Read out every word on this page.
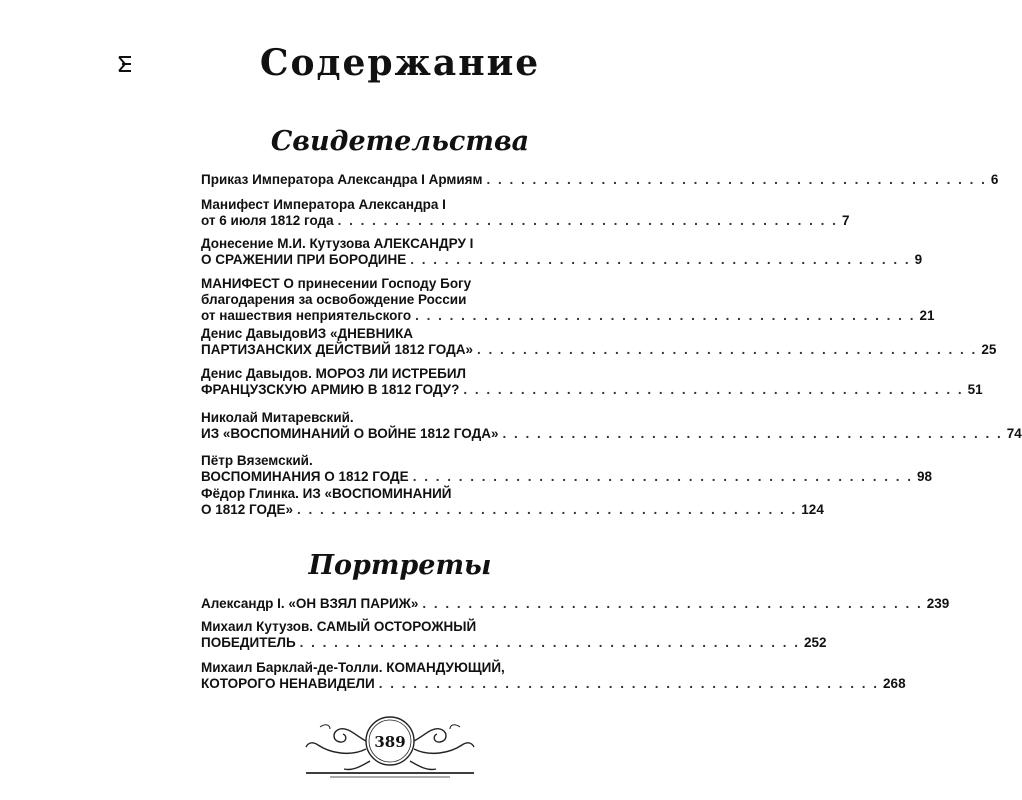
Содержание
Свидетельства
Приказ Императора Александра I Армиям . . . . . . . . . . . . . . . . . . . . . . . . . . . . . . . . . . . . . . . . . . . . 6
Манифест Императора Александра I
от 6 июля 1812 года . . . . . . . . . . . . . . . . . . . . . . . . . . . . . . . . . . . . . . . . . . . . 7
Донесение М.И. Кутузова АЛЕКСАНДРУ I
О СРАЖЕНИИ ПРИ БОРОДИНЕ . . . . . . . . . . . . . . . . . . . . . . . . . . . . . . . . . . . . . . . . . . . . 9
МАНИФЕСТ О принесении Господу Богу
благодарения за освобождение России
от нашествия неприятельского . . . . . . . . . . . . . . . . . . . . . . . . . . . . . . . . . . . . . . . . . . . . 21
Денис ДавыдовИЗ «ДНЕВНИКА
ПАРТИЗАНСКИХ ДЕЙСТВИЙ 1812 ГОДА» . . . . . . . . . . . . . . . . . . . . . . . . . . . . . . . . . . . . . . . . . . . . 25
Денис Давыдов. МОРОЗ ЛИ ИСТРЕБИЛ
ФРАНЦУЗСКУЮ АРМИЮ В 1812 ГОДУ? . . . . . . . . . . . . . . . . . . . . . . . . . . . . . . . . . . . . . . . . . . . . 51
Николай Митаревский.
ИЗ «ВОСПОМИНАНИЙ О ВОЙНЕ 1812 ГОДА» . . . . . . . . . . . . . . . . . . . . . . . . . . . . . . . . . . . . . . . . . . . . 74
Пётр Вяземский.
ВОСПОМИНАНИЯ О 1812 ГОДЕ . . . . . . . . . . . . . . . . . . . . . . . . . . . . . . . . . . . . . . . . . . . . 98
Фёдор Глинка. ИЗ «ВОСПОМИНАНИЙ
О 1812 ГОДЕ» . . . . . . . . . . . . . . . . . . . . . . . . . . . . . . . . . . . . . . . . . . . . 124
Портреты
Александр I. «ОН ВЗЯЛ ПАРИЖ» . . . . . . . . . . . . . . . . . . . . . . . . . . . . . . . . . . . . . . . . . . . . 239
Михаил Кутузов. САМЫЙ ОСТОРОЖНЫЙ
ПОБЕДИТЕЛЬ . . . . . . . . . . . . . . . . . . . . . . . . . . . . . . . . . . . . . . . . . . . . 252
Михаил Барклай-де-Толли. КОМАНДУЮЩИЙ,
КОТОРОГО НЕНАВИДЕЛИ . . . . . . . . . . . . . . . . . . . . . . . . . . . . . . . . . . . . . . . . . . . . 268
389
